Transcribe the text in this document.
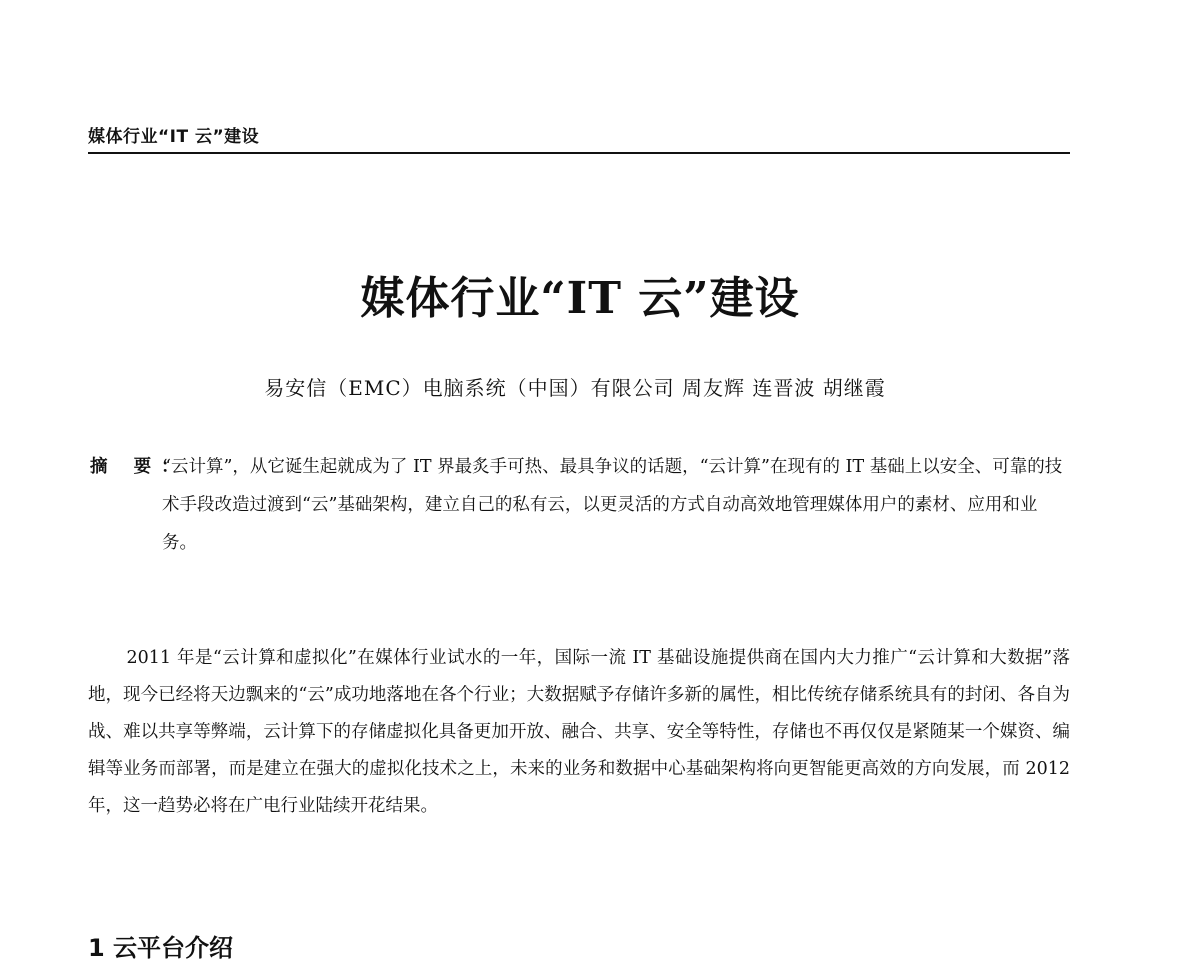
媒体行业“IT 云”建设
媒体行业“IT 云”建设
易安信（EMC）电脑系统（中国）有限公司 周友辉 连晋波 胡继霞
摘 要：
“云计算”，从它诞生起就成为了 IT 界最炙手可热、最具争议的话题，“云计算”在现有的 IT 基础上以安全、可靠的技术手段改造过渡到“云”基础架构，建立自己的私有云，以更灵活的方式自动高效地管理媒体用户的素材、应用和业务。
2011 年是“云计算和虚拟化”在媒体行业试水的一年，国际一流 IT 基础设施提供商在国内大力推广“云计算和大数据”落地，现今已经将天边飘来的“云”成功地落地在各个行业；大数据赋予存储许多新的属性，相比传统存储系统具有的封闭、各自为战、难以共享等弊端，云计算下的存储虚拟化具备更加开放、融合、共享、安全等特性，存储也不再仅仅是紧随某一个媒资、编辑等业务而部署，而是建立在强大的虚拟化技术之上，未来的业务和数据中心基础架构将向更智能更高效的方向发展，而 2012 年，这一趋势必将在广电行业陆续开花结果。
1 云平台介绍
